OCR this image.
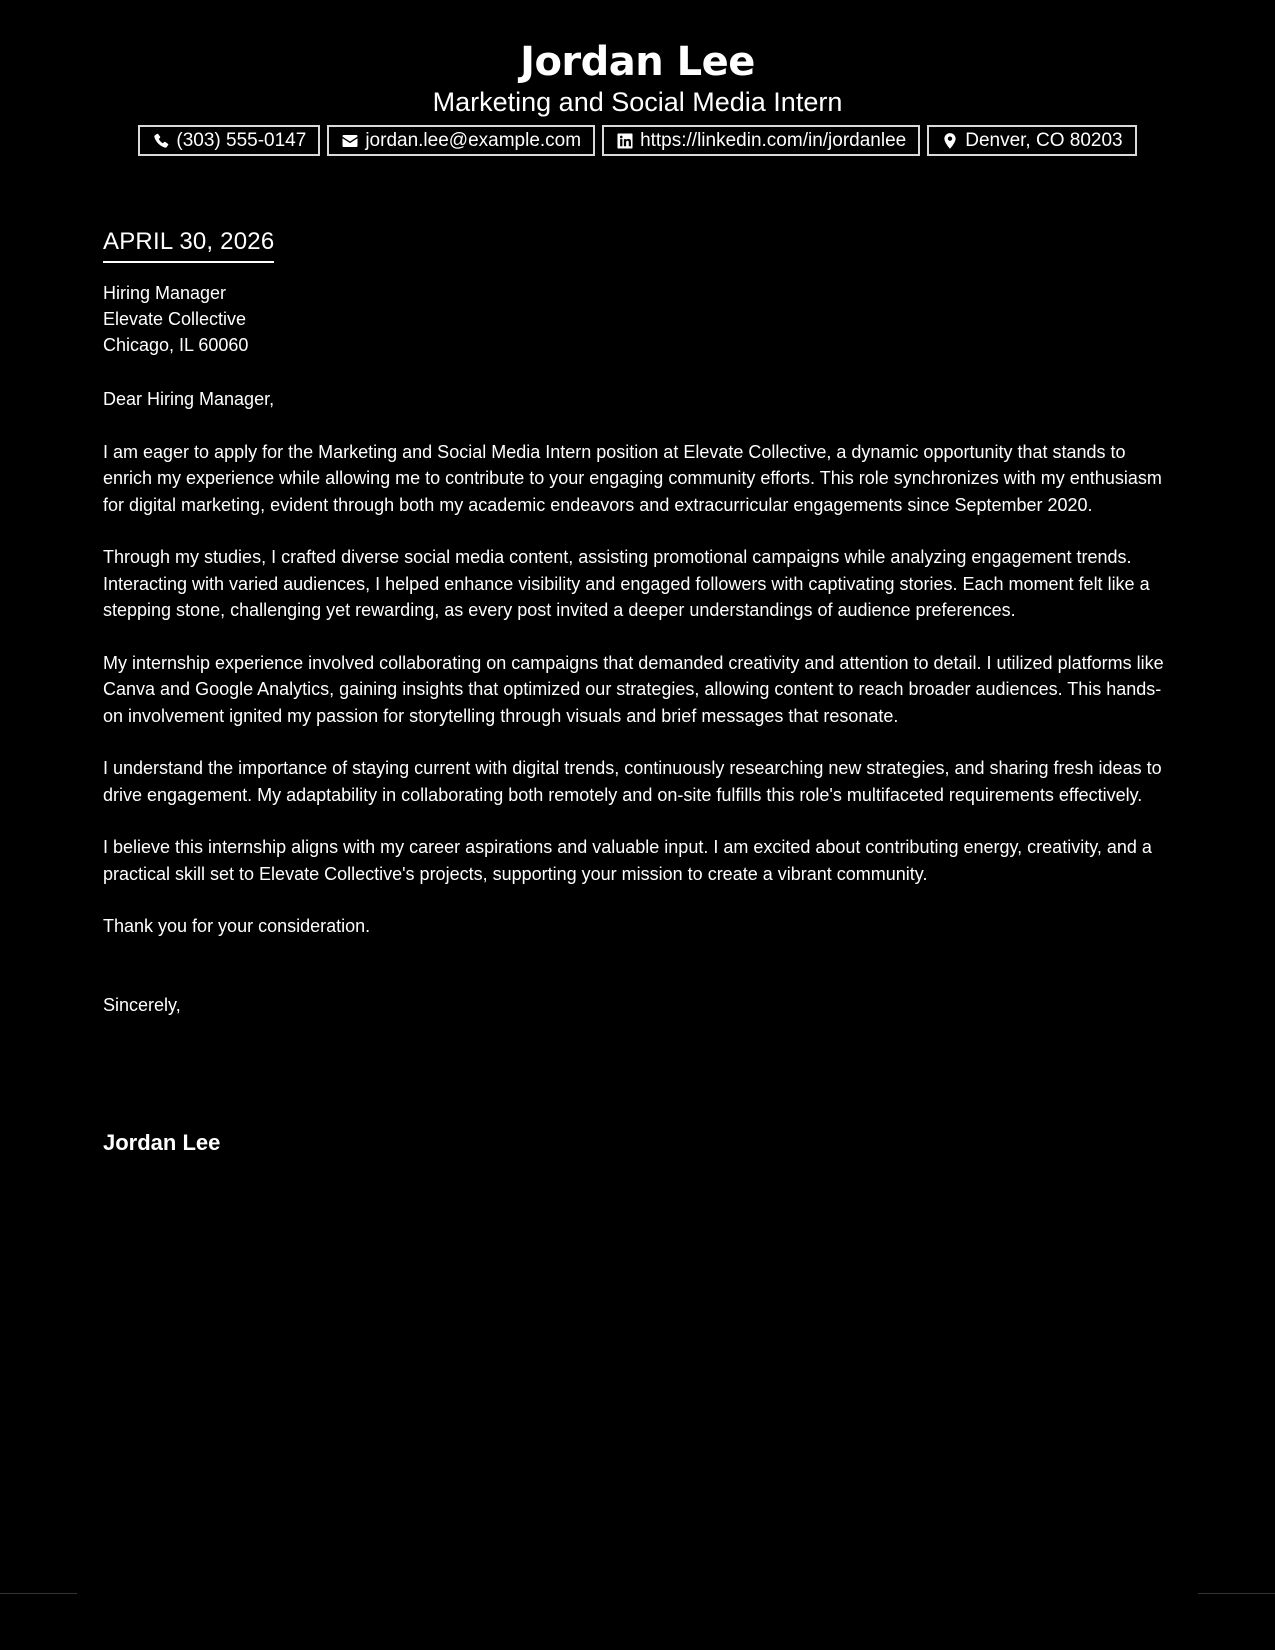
Jordan Lee
Marketing and Social Media Intern
(303) 555-0147	jordan.lee@example.com	https://linkedin.com/in/jordanlee	Denver, CO 80203
APRIL 30, 2026
Hiring Manager
Elevate Collective
Chicago, IL 60060

Dear Hiring Manager,

I am eager to apply for the Marketing and Social Media Intern position at Elevate Collective, a dynamic opportunity that stands to enrich my experience while allowing me to contribute to your engaging community efforts. This role synchronizes with my enthusiasm for digital marketing, evident through both my academic endeavors and extracurricular engagements since September 2020.

Through my studies, I crafted diverse social media content, assisting promotional campaigns while analyzing engagement trends. Interacting with varied audiences, I helped enhance visibility and engaged followers with captivating stories. Each moment felt like a stepping stone, challenging yet rewarding, as every post invited a deeper understandings of audience preferences.

My internship experience involved collaborating on campaigns that demanded creativity and attention to detail. I utilized platforms like Canva and Google Analytics, gaining insights that optimized our strategies, allowing content to reach broader audiences. This hands-on involvement ignited my passion for storytelling through visuals and brief messages that resonate.

I understand the importance of staying current with digital trends, continuously researching new strategies, and sharing fresh ideas to drive engagement. My adaptability in collaborating both remotely and on-site fulfills this role's multifaceted requirements effectively.

I believe this internship aligns with my career aspirations and valuable input. I am excited about contributing energy, creativity, and a practical skill set to Elevate Collective's projects, supporting your mission to create a vibrant community.

Thank you for your consideration.

Sincerely,

Jordan Lee
